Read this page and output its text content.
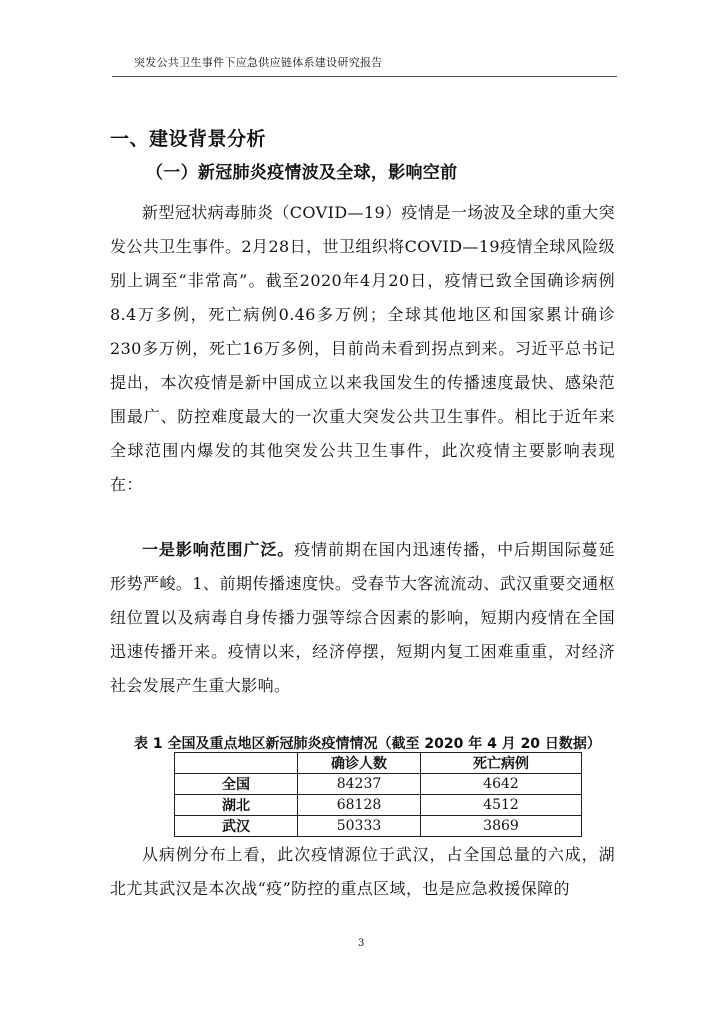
突发公共卫生事件下应急供应链体系建设研究报告
一、建设背景分析
（一）新冠肺炎疫情波及全球，影响空前

新型冠状病毒肺炎（COVID—19）疫情是一场波及全球的重大突发公共卫生事件。2月28日，世卫组织将COVID—19疫情全球风险级别上调至“非常高”。截至2020年4月20日，疫情已致全国确诊病例8.4万多例，死亡病例0.46多万例；全球其他地区和国家累计确诊230多万例，死亡16万多例，目前尚未看到拐点到来。习近平总书记提出，本次疫情是新中国成立以来我国发生的传播速度最快、感染范围最广、防控难度最大的一次重大突发公共卫生事件。相比于近年来全球范围内爆发的其他突发公共卫生事件，此次疫情主要影响表现在：

一是影响范围广泛。疫情前期在国内迅速传播，中后期国际蔓延形势严峻。1、前期传播速度快。受春节大客流流动、武汉重要交通枢纽位置以及病毒自身传播力强等综合因素的影响，短期内疫情在全国迅速传播开来。疫情以来，经济停摆，短期内复工困难重重，对经济社会发展产生重大影响。

表 1 全国及重点地区新冠肺炎疫情情况（截至 2020 年 4 月 20 日数据）
	确诊人数	死亡病例
全国	84237	4642
湖北	68128	4512
武汉	50333	3869

从病例分布上看，此次疫情源位于武汉，占全国总量的六成，湖北尤其武汉是本次战“疫”防控的重点区域，也是应急救援保障的

3
